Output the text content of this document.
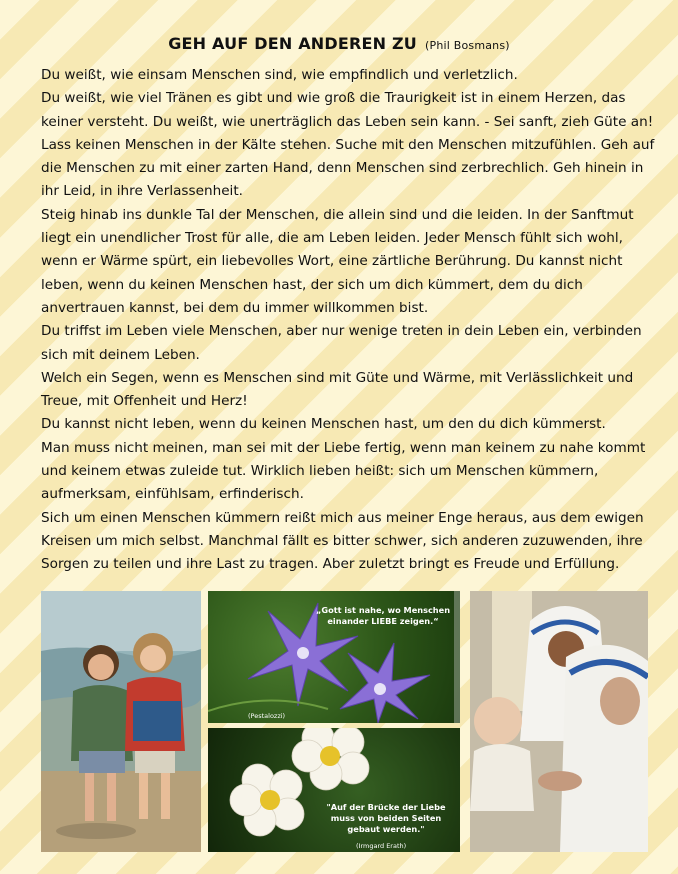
GEH AUF DEN ANDEREN ZU (Phil Bosmans)

Du weißt, wie einsam Menschen sind, wie empfindlich und verletzlich.

Du weißt, wie viel Tränen es gibt und wie groß die Traurigkeit ist in einem Herzen, das keiner versteht. Du weißt, wie unerträglich das Leben sein kann. - Sei sanft, zieh Güte an! Lass keinen Menschen in der Kälte stehen. Suche mit den Menschen mitzufühlen. Geh auf die Menschen zu mit einer zarten Hand, denn Menschen sind zerbrechlich. Geh hinein in ihr Leid, in ihre Verlassenheit.

Steig hinab ins dunkle Tal der Menschen, die allein sind und die leiden. In der Sanftmut liegt ein unendlicher Trost für alle, die am Leben leiden. Jeder Mensch fühlt sich wohl, wenn er Wärme spürt, ein liebevolles Wort, eine zärtliche Berührung. Du kannst nicht leben, wenn du keinen Menschen hast, der sich um dich kümmert, dem du dich anvertrauen kannst, bei dem du immer willkommen bist.

Du triffst im Leben viele Menschen, aber nur wenige treten in dein Leben ein, verbinden sich mit deinem Leben.

Welch ein Segen, wenn es Menschen sind mit Güte und Wärme, mit Verlässlichkeit und Treue, mit Offenheit und Herz!

Du kannst nicht leben, wenn du keinen Menschen hast, um den du dich kümmerst.

Man muss nicht meinen, man sei mit der Liebe fertig, wenn man keinem zu nahe kommt und keinem etwas zuleide tut. Wirklich lieben heißt: sich um Menschen kümmern, aufmerksam, einfühlsam, erfinderisch.

Sich um einen Menschen kümmern reißt mich aus meiner Enge heraus, aus dem ewigen Kreisen um mich selbst. Manchmal fällt es bitter schwer, sich anderen zuzuwenden, ihre Sorgen zu teilen und ihre Last zu tragen. Aber zuletzt bringt es Freude und Erfüllung.

„Gott ist nahe, wo Menschen einander LIEBE zeigen.“
(Pestalozzi)
"Auf der Brücke der Liebe muss von beiden Seiten gebaut werden."
(Irmgard Erath)
